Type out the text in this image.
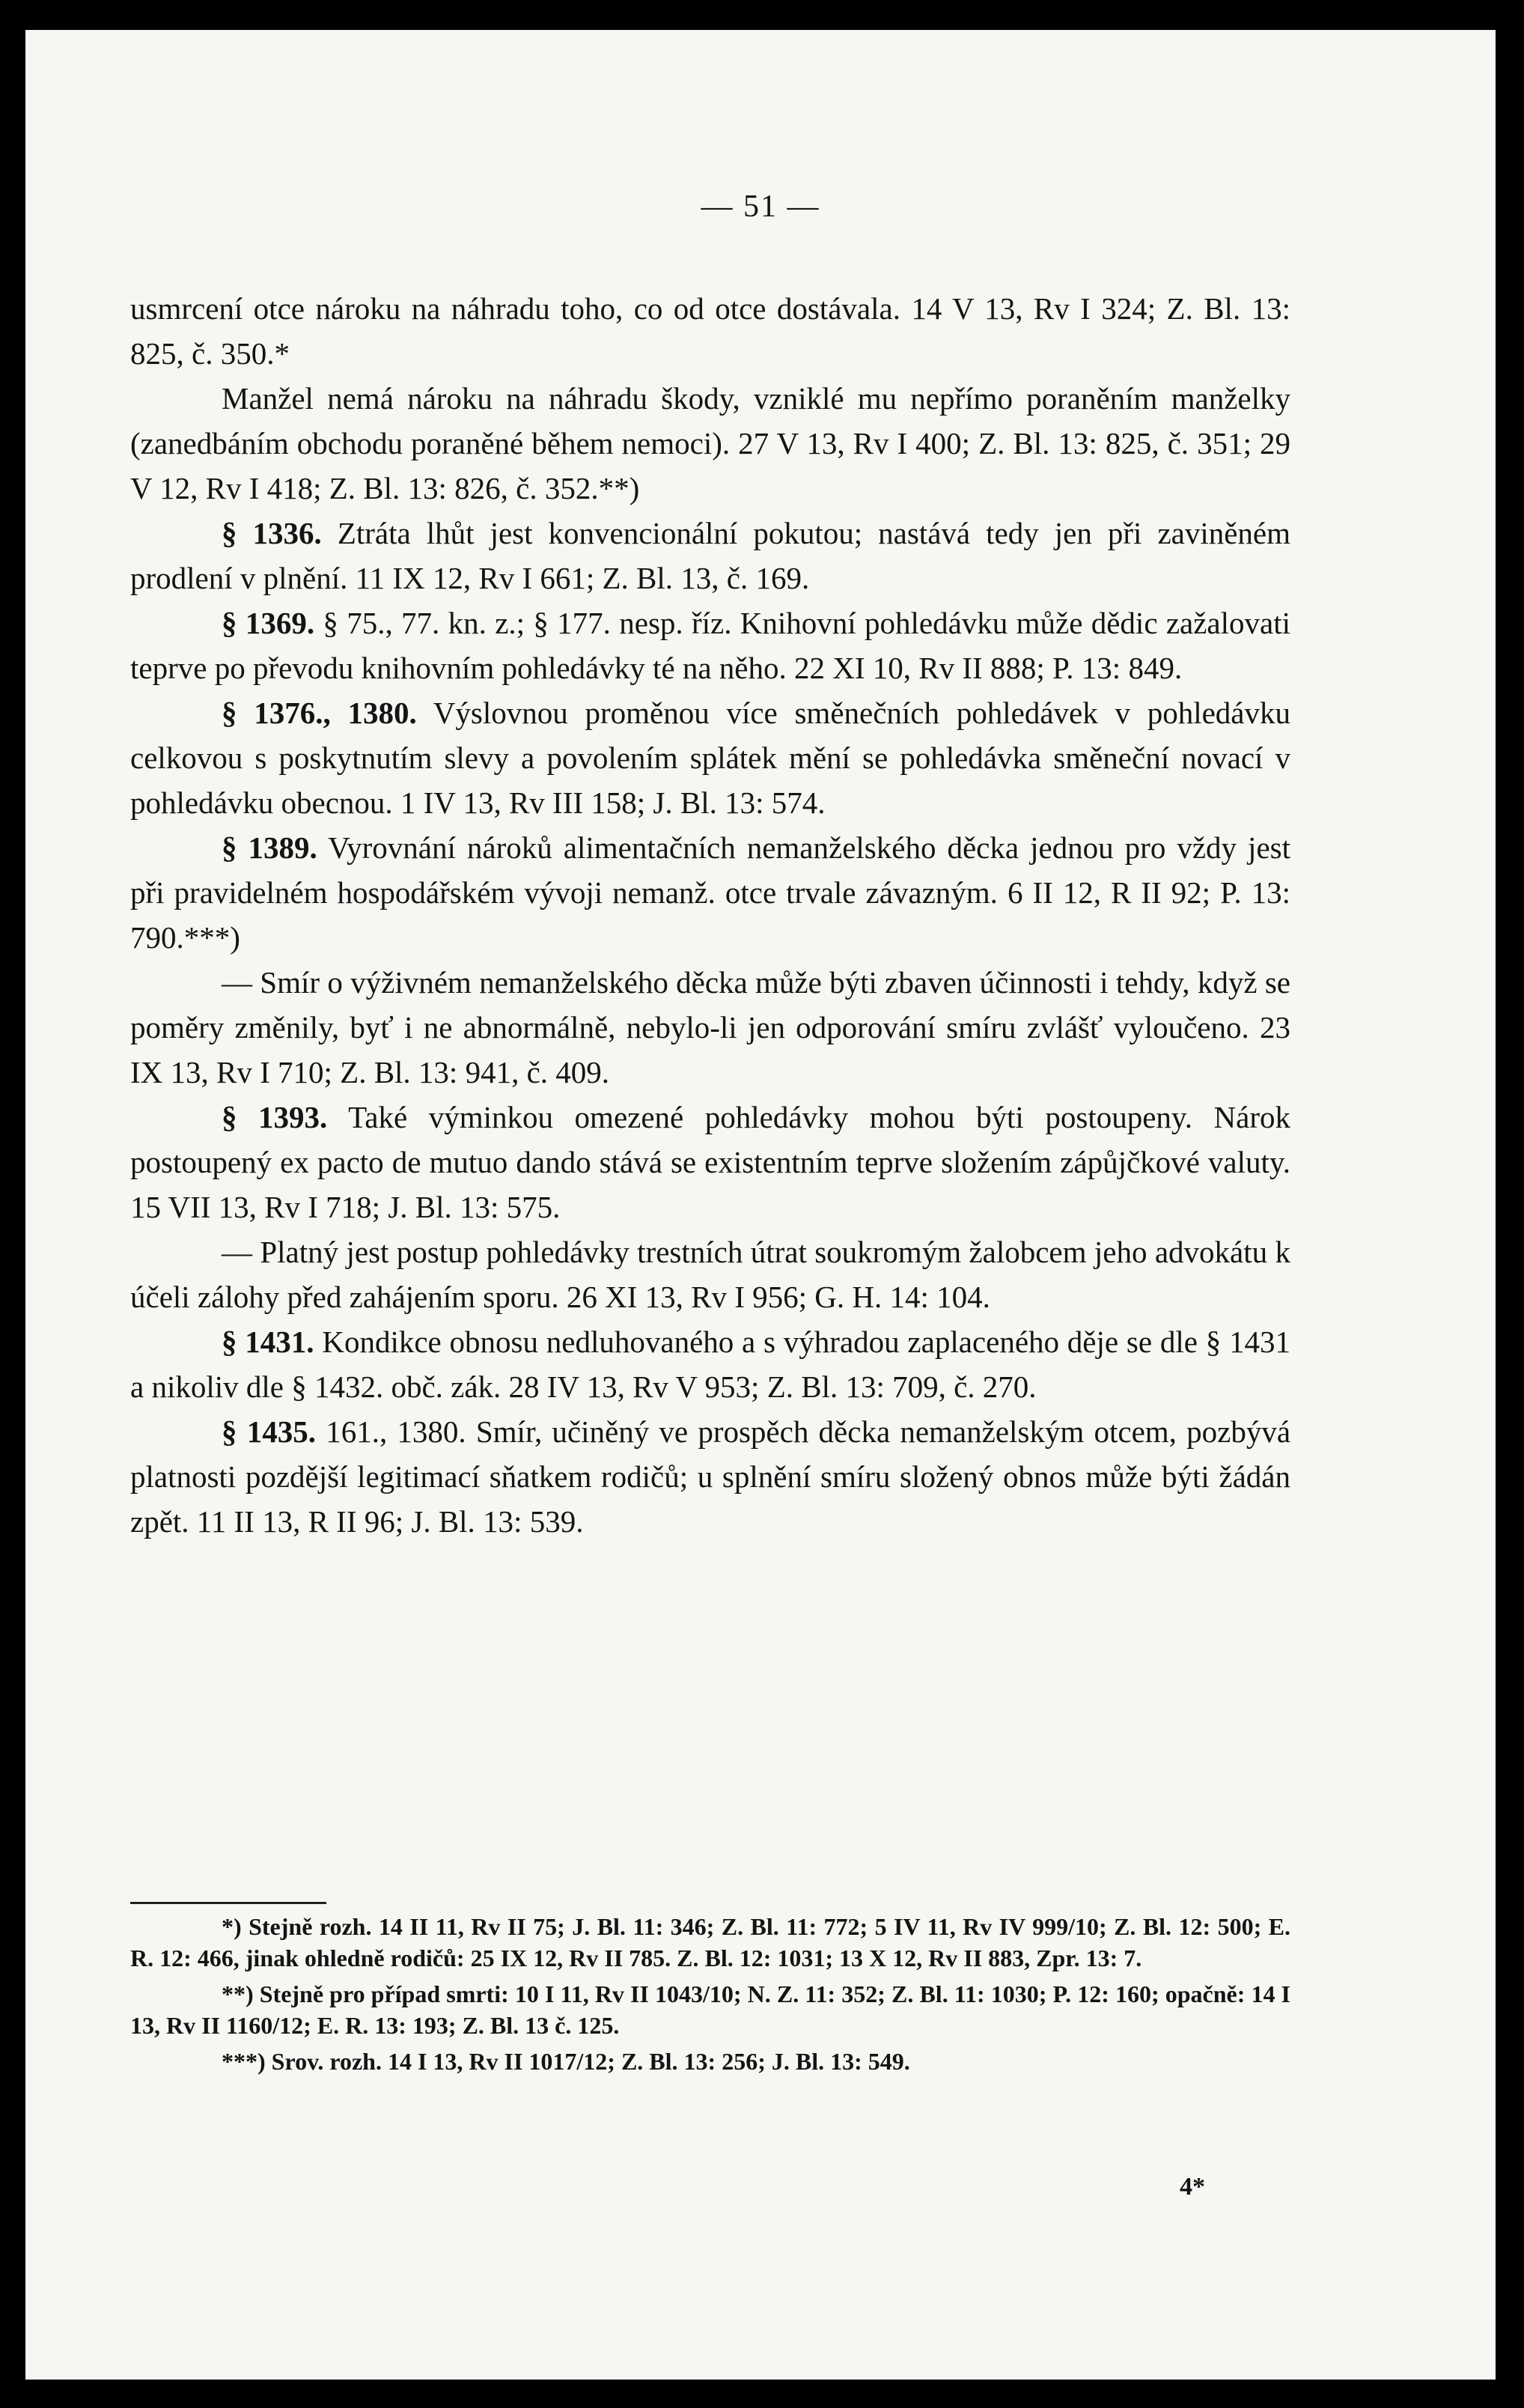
— 51 —

usmrcení otce nároku na náhradu toho, co od otce dostávala. 14 V 13, Rv I 324; Z. Bl. 13: 825, č. 350.*

Manžel nemá nároku na náhradu škody, vzniklé mu nepřímo poraněním manželky (zanedbáním obchodu poraněné během nemoci). 27 V 13, Rv I 400; Z. Bl. 13: 825, č. 351; 29 V 12, Rv I 418; Z. Bl. 13: 826, č. 352.**)

§ 1336. Ztráta lhůt jest konvencionální pokutou; nastává tedy jen při zaviněném prodlení v plnění. 11 IX 12, Rv I 661; Z. Bl. 13, č. 169.

§ 1369. § 75., 77. kn. z.; § 177. nesp. říz. Knihovní pohledávku může dědic zažalovati teprve po převodu knihovním pohledávky té na něho. 22 XI 10, Rv II 888; P. 13: 849.

§ 1376., 1380. Výslovnou proměnou více směnečních pohledávek v pohledávku celkovou s poskytnutím slevy a povolením splátek mění se pohledávka směneční novací v pohledávku obecnou. 1 IV 13, Rv III 158; J. Bl. 13: 574.

§ 1389. Vyrovnání nároků alimentačních nemanželského děcka jednou pro vždy jest při pravidelném hospodářském vývoji nemanž. otce trvale závazným. 6 II 12, R II 92; P. 13: 790.***)

— Smír o výživném nemanželského děcka může býti zbaven účinnosti i tehdy, když se poměry změnily, byť i ne abnormálně, nebylo-li jen odporování smíru zvlášť vyloučeno. 23 IX 13, Rv I 710; Z. Bl. 13: 941, č. 409.

§ 1393. Také výminkou omezené pohledávky mohou býti postoupeny. Nárok postoupený ex pacto de mutuo dando stává se existentním teprve složením zápůjčkové valuty. 15 VII 13, Rv I 718; J. Bl. 13: 575.

— Platný jest postup pohledávky trestních útrat soukromým žalobcem jeho advokátu k účeli zálohy před zahájením sporu. 26 XI 13, Rv I 956; G. H. 14: 104.

§ 1431. Kondikce obnosu nedluhovaného a s výhradou zaplaceného děje se dle § 1431 a nikoliv dle § 1432. obč. zák. 28 IV 13, Rv V 953; Z. Bl. 13: 709, č. 270.

§ 1435. 161., 1380. Smír, učiněný ve prospěch děcka nemanželským otcem, pozbývá platnosti pozdější legitimací sňatkem rodičů; u splnění smíru složený obnos může býti žádán zpět. 11 II 13, R II 96; J. Bl. 13: 539.

*) Stejně rozh. 14 II 11, Rv II 75; J. Bl. 11: 346; Z. Bl. 11: 772; 5 IV 11, Rv IV 999/10; Z. Bl. 12: 500; E. R. 12: 466, jinak ohledně rodičů: 25 IX 12, Rv II 785. Z. Bl. 12: 1031; 13 X 12, Rv II 883, Zpr. 13: 7.

**) Stejně pro případ smrti: 10 I 11, Rv II 1043/10; N. Z. 11: 352; Z. Bl. 11: 1030; P. 12: 160; opačně: 14 I 13, Rv II 1160/12; E. R. 13: 193; Z. Bl. 13 č. 125.

***) Srov. rozh. 14 I 13, Rv II 1017/12; Z. Bl. 13: 256; J. Bl. 13: 549.

4*
